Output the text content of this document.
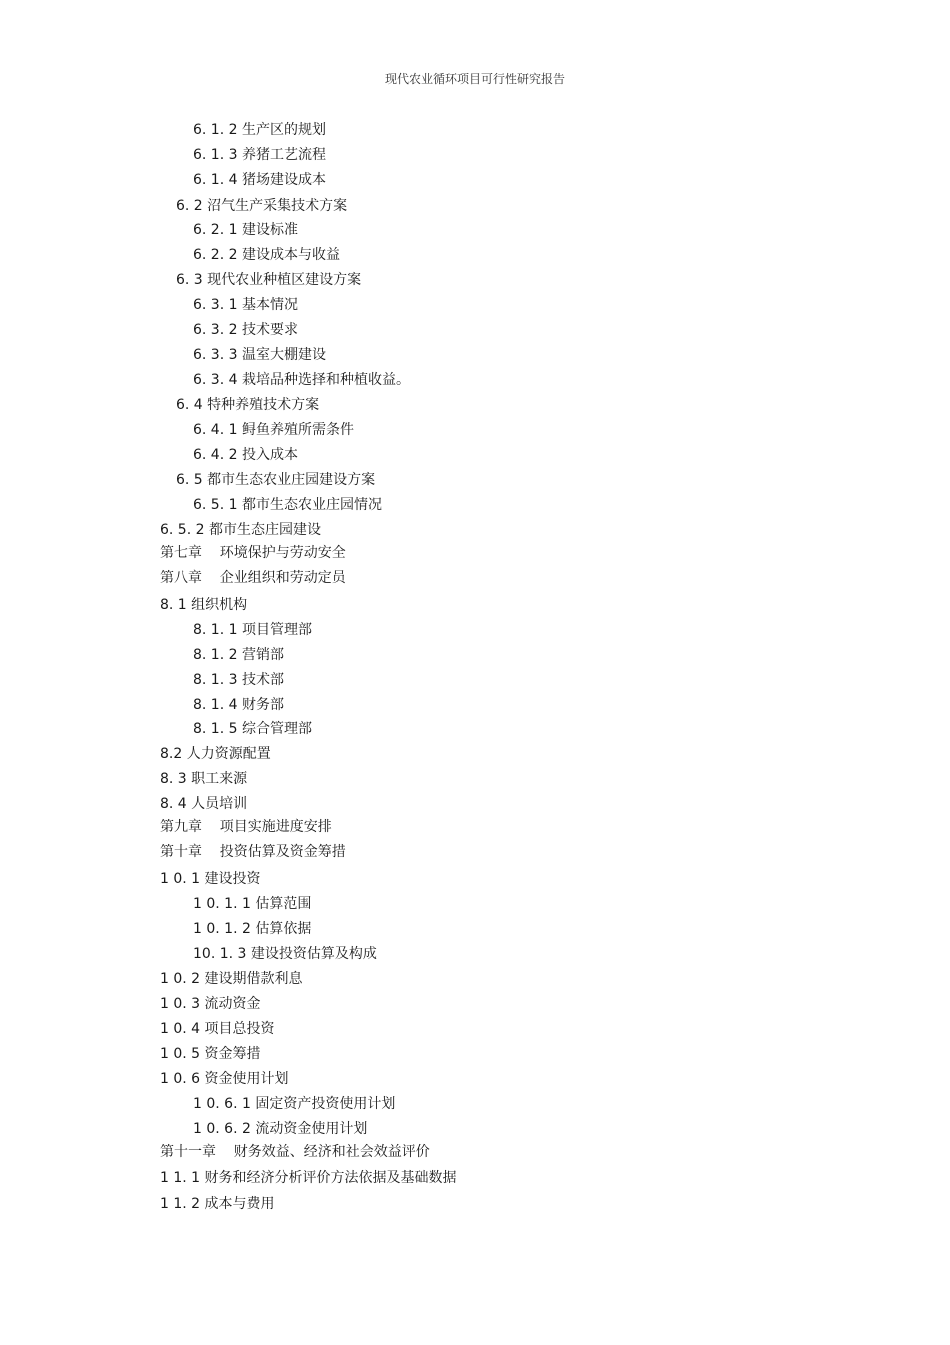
现代农业循环项目可行性研究报告
6. 1. 2 生产区的规划
6. 1. 3 养猪工艺流程
6. 1. 4 猪场建设成本
6. 2 沼气生产采集技术方案
6. 2. 1 建设标准
6. 2. 2 建设成本与收益
6. 3 现代农业种植区建设方案
6. 3. 1 基本情况
6. 3. 2 技术要求
6. 3. 3 温室大棚建设
6. 3. 4 栽培品种选择和种植收益。
6. 4 特种养殖技术方案
6. 4. 1 鲟鱼养殖所需条件
6. 4. 2 投入成本
6. 5 都市生态农业庄园建设方案
6. 5. 1 都市生态农业庄园情况
6. 5. 2 都市生态庄园建设
第七章    环境保护与劳动安全
第八章    企业组织和劳动定员
8. 1 组织机构
8. 1. 1 项目管理部
8. 1. 2 营销部
8. 1. 3 技术部
8. 1. 4 财务部
8. 1. 5 综合管理部
8.2 人力资源配置
8. 3 职工来源
8. 4 人员培训
第九章    项目实施进度安排
第十章    投资估算及资金筹措
1 0. 1 建设投资
1 0. 1. 1 估算范围
1 0. 1. 2 估算依据
10. 1. 3 建设投资估算及构成
1 0. 2 建设期借款利息
1 0. 3 流动资金
1 0. 4 项目总投资
1 0. 5 资金筹措
1 0. 6 资金使用计划
1 0. 6. 1 固定资产投资使用计划
1 0. 6. 2 流动资金使用计划
第十一章    财务效益、经济和社会效益评价
1 1. 1 财务和经济分析评价方法依据及基础数据
1 1. 2 成本与费用
